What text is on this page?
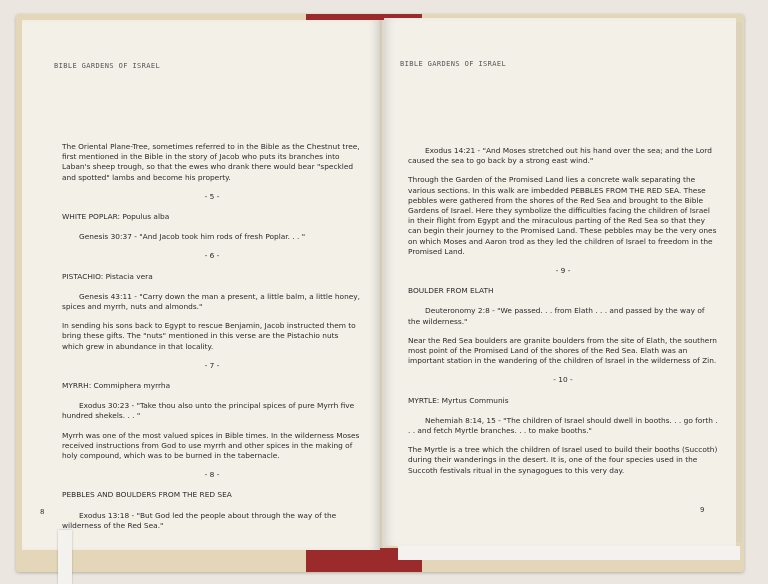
BIBLE GARDENS OF ISRAEL

The Oriental Plane-Tree, sometimes referred to in the Bible as the Chestnut tree, first mentioned in the Bible in the story of Jacob who puts its branches into Laban's sheep trough, so that the ewes who drank there would bear "speckled and spotted" lambs and become his property.

- 5 -

WHITE POPLAR: Populus alba

Genesis 30:37 - "And Jacob took him rods of fresh Poplar. . . "

- 6 -

PISTACHIO: Pistacia vera

Genesis 43:11 - "Carry down the man a present, a little balm, a little honey, spices and myrrh, nuts and almonds."

In sending his sons back to Egypt to rescue Benjamin, Jacob instructed them to bring these gifts. The "nuts" mentioned in this verse are the Pistachio nuts which grew in abundance in that locality.

- 7 -

MYRRH: Commiphera myrrha

Exodus 30:23 - "Take thou also unto the principal spices of pure Myrrh five hundred shekels. . . "

Myrrh was one of the most valued spices in Bible times. In the wilderness Moses received instructions from God to use myrrh and other spices in the making of holy compound, which was to be burned in the tabernacle.

- 8 -

PEBBLES AND BOULDERS FROM THE RED SEA

Exodus 13:18 - "But God led the people about through the way of the wilderness of the Red Sea."

8
BIBLE GARDENS OF ISRAEL

Exodus 14:21 - "And Moses stretched out his hand over the sea; and the Lord caused the sea to go back by a strong east wind."

Through the Garden of the Promised Land lies a concrete walk separating the various sections. In this walk are imbedded PEBBLES FROM THE RED SEA. These pebbles were gathered from the shores of the Red Sea and brought to the Bible Gardens of Israel. Here they symbolize the difficulties facing the children of Israel in their flight from Egypt and the miraculous parting of the Red Sea so that they can begin their journey to the Promised Land. These pebbles may be the very ones on which Moses and Aaron trod as they led the children of Israel to freedom in the Promised Land.

- 9 -

BOULDER FROM ELATH

Deuteronomy 2:8 - "We passed. . . from Elath . . . and passed by the way of the wilderness."

Near the Red Sea boulders are granite boulders from the site of Elath, the southern most point of the Promised Land of the shores of the Red Sea. Elath was an important station in the wandering of the children of Israel in the wilderness of Zin.

- 10 -

MYRTLE: Myrtus Communis

Nehemiah 8:14, 15 - "The children of Israel should dwell in booths. . . go forth . . . and fetch Myrtle branches. . . to make booths."

The Myrtle is a tree which the children of Israel used to build their booths (Succoth) during their wanderings in the desert. It is, one of the four species used in the Succoth festivals ritual in the synagogues to this very day.

9
